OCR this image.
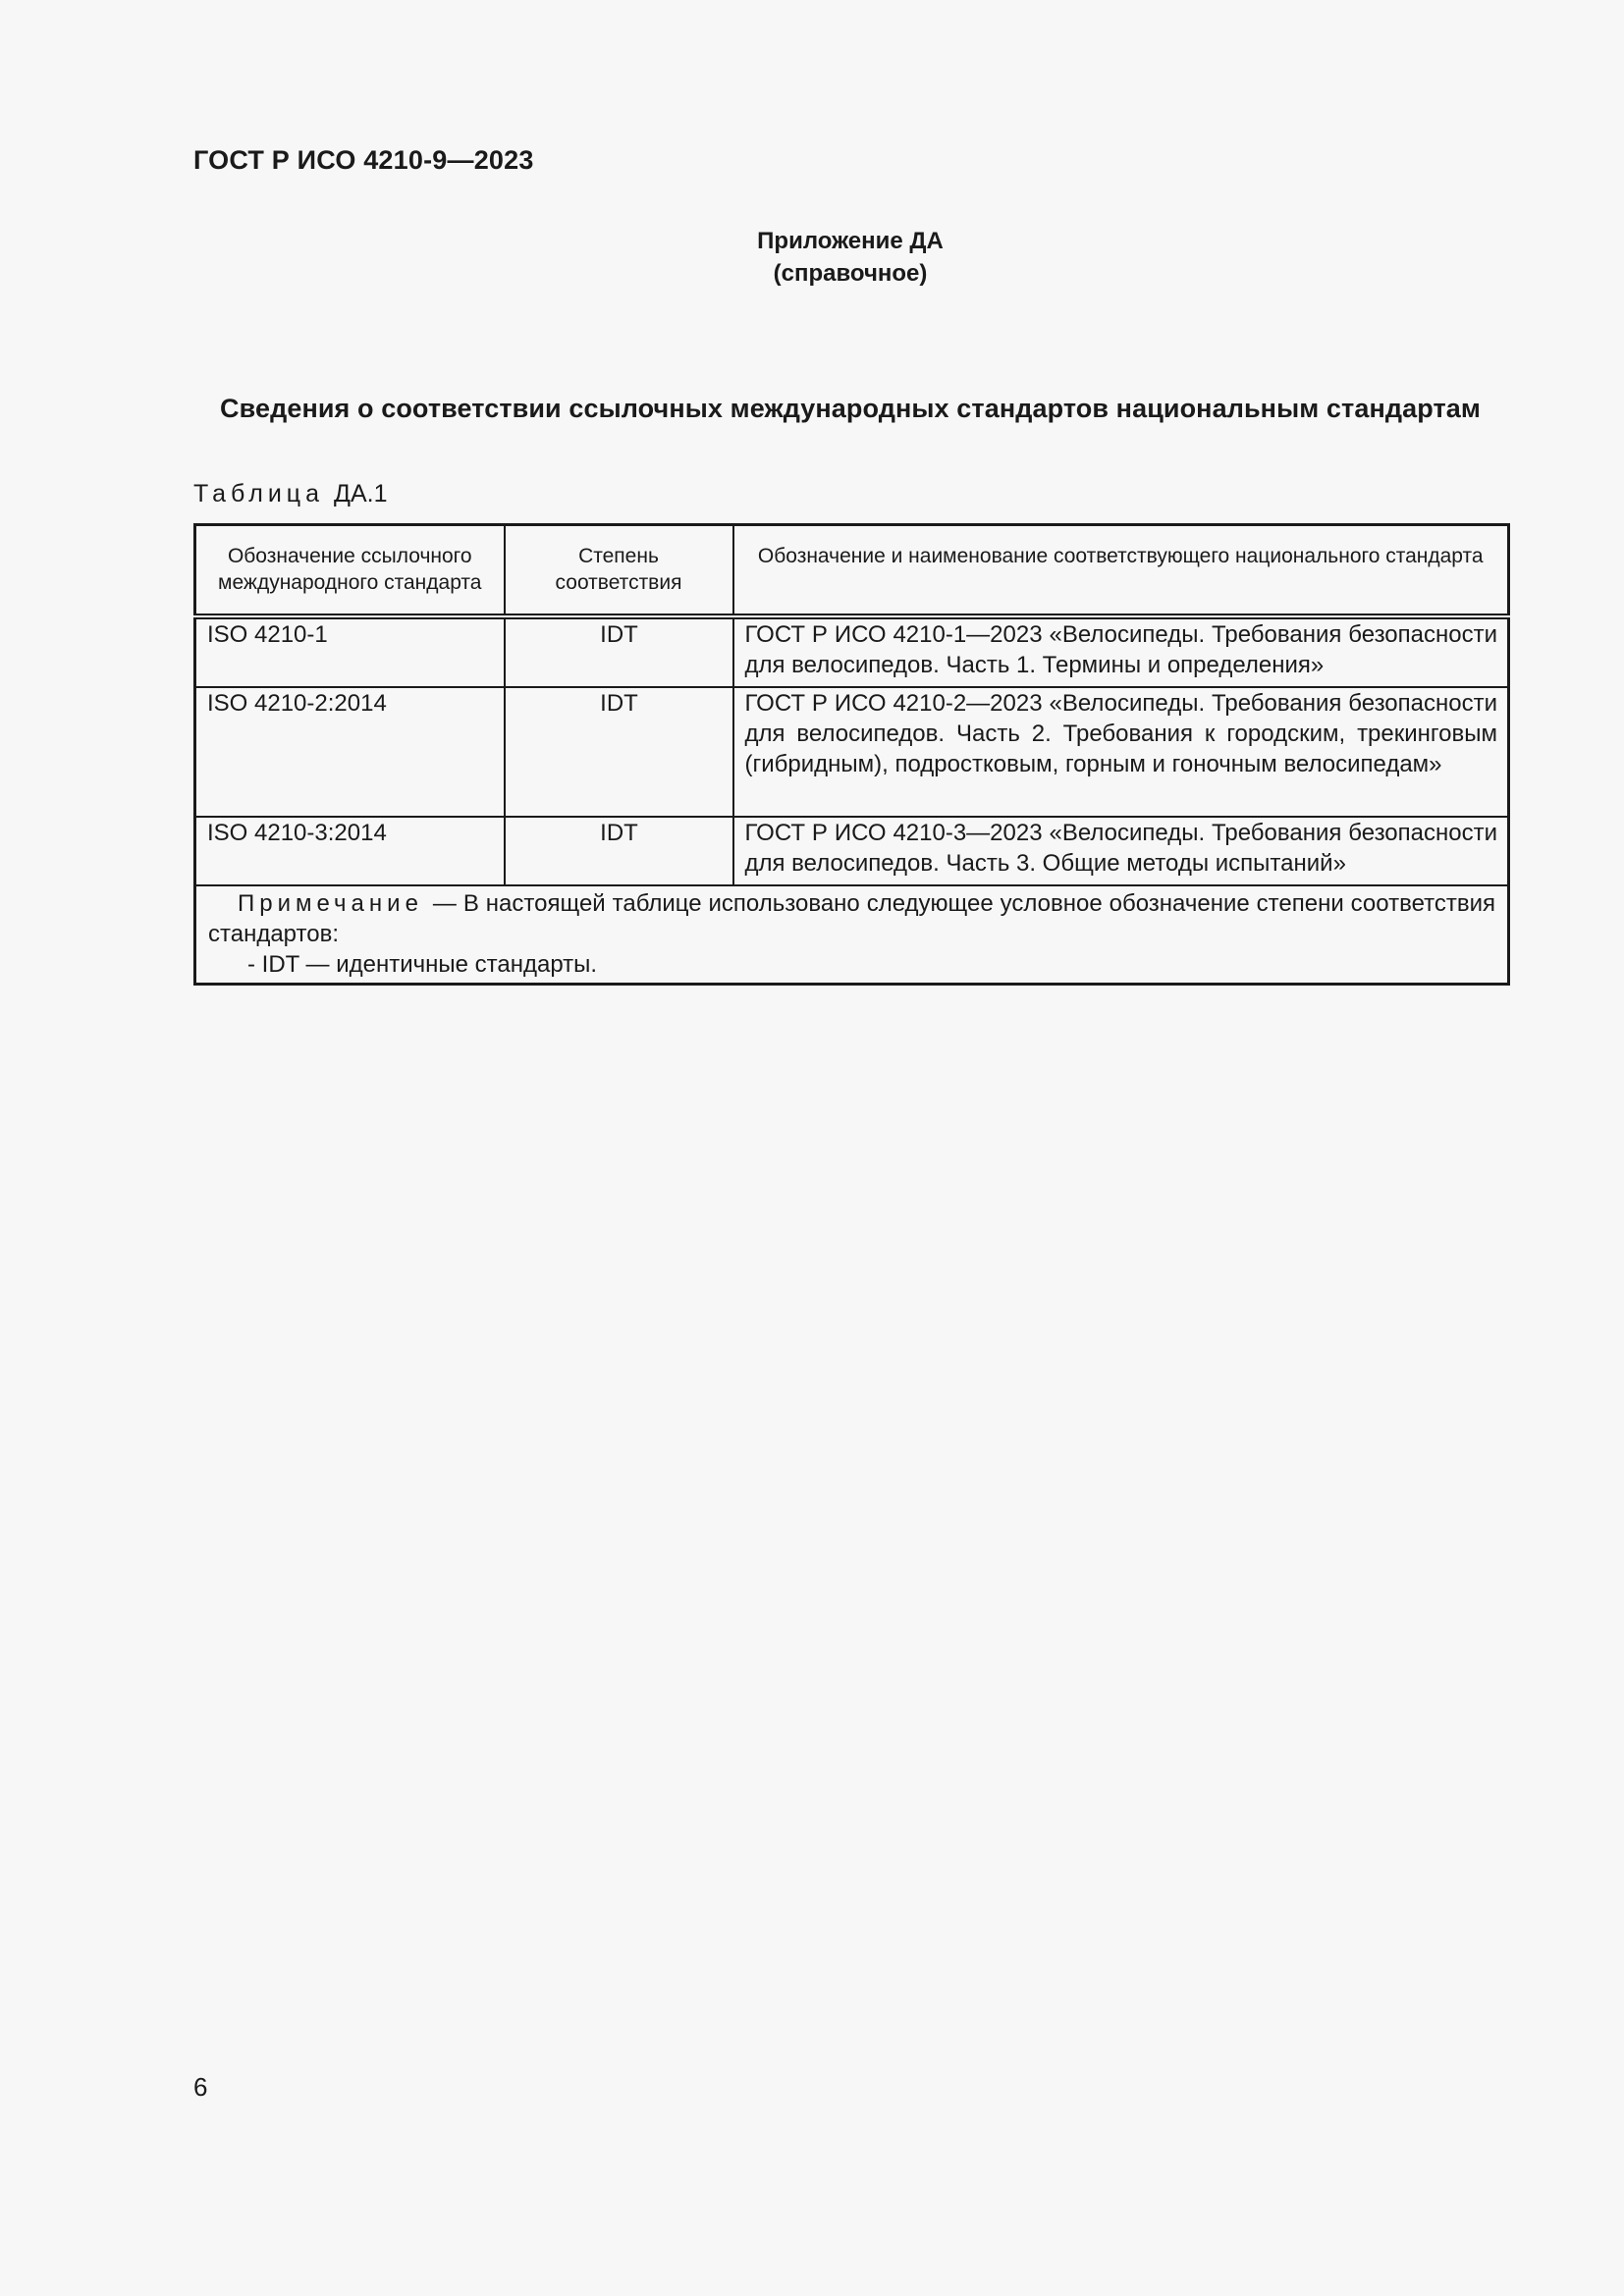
ГОСТ Р ИСО 4210-9—2023
Приложение ДА
(справочное)
Сведения о соответствии ссылочных международных стандартов национальным стандартам
Таблица ДА.1
Обозначение ссылочного международного стандарта	Степень соответствия	Обозначение и наименование соответствующего национального стандарта
ISO 4210-1	IDT	ГОСТ Р ИСО 4210-1—2023 «Велосипеды. Требования безопасности для велосипедов. Часть 1. Термины и определения»
ISO 4210-2:2014	IDT	ГОСТ Р ИСО 4210-2—2023 «Велосипеды. Требования безопасности для велосипедов. Часть 2. Требования к городским, трекинговым (гибридным), подростковым, горным и гоночным велосипедам»
ISO 4210-3:2014	IDT	ГОСТ Р ИСО 4210-3—2023 «Велосипеды. Требования безопасности для велосипедов. Часть 3. Общие методы испытаний»

Примечание — В настоящей таблице использовано следующее условное обозначение степени соответствия стандартов:
- IDT — идентичные стандарты.		
6
